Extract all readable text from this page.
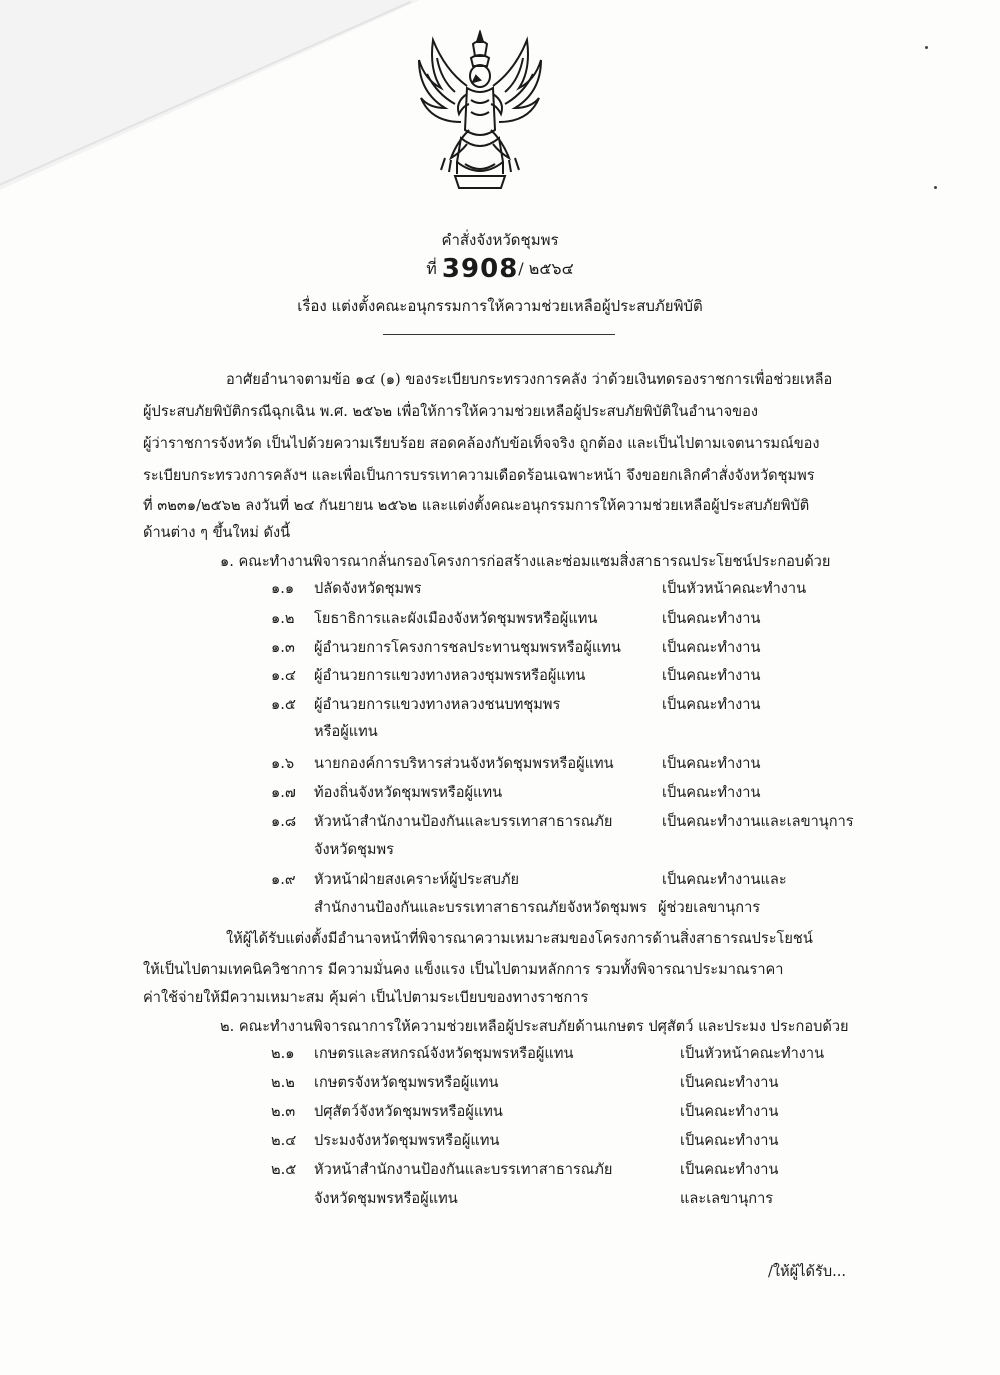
คำสั่งจังหวัดชุมพร
ที่ 3908/ ๒๕๖๔
เรื่อง แต่งตั้งคณะอนุกรรมการให้ความช่วยเหลือผู้ประสบภัยพิบัติ
อาศัยอำนาจตามข้อ ๑๔ (๑) ของระเบียบกระทรวงการคลัง ว่าด้วยเงินทดรองราชการเพื่อช่วยเหลือ
ผู้ประสบภัยพิบัติกรณีฉุกเฉิน พ.ศ. ๒๕๖๒ เพื่อให้การให้ความช่วยเหลือผู้ประสบภัยพิบัติในอำนาจของ
ผู้ว่าราชการจังหวัด เป็นไปด้วยความเรียบร้อย สอดคล้องกับข้อเท็จจริง ถูกต้อง และเป็นไปตามเจตนารมณ์ของ
ระเบียบกระทรวงการคลังฯ และเพื่อเป็นการบรรเทาความเดือดร้อนเฉพาะหน้า จึงขอยกเลิกคำสั่งจังหวัดชุมพร
ที่ ๓๒๓๑/๒๕๖๒ ลงวันที่ ๒๔ กันยายน ๒๕๖๒ และแต่งตั้งคณะอนุกรรมการให้ความช่วยเหลือผู้ประสบภัยพิบัติ
ด้านต่าง ๆ ขึ้นใหม่ ดังนี้
๑. คณะทำงานพิจารณากลั่นกรองโครงการก่อสร้างและซ่อมแซมสิ่งสาธารณประโยชน์ประกอบด้วย
๑.๑ ปลัดจังหวัดชุมพร	เป็นหัวหน้าคณะทำงาน
๑.๒ โยธาธิการและผังเมืองจังหวัดชุมพรหรือผู้แทน	เป็นคณะทำงาน
๑.๓ ผู้อำนวยการโครงการชลประทานชุมพรหรือผู้แทน	เป็นคณะทำงาน
๑.๔ ผู้อำนวยการแขวงทางหลวงชุมพรหรือผู้แทน	เป็นคณะทำงาน
๑.๕ ผู้อำนวยการแขวงทางหลวงชนบทชุมพร	เป็นคณะทำงาน
หรือผู้แทน
๑.๖ นายกองค์การบริหารส่วนจังหวัดชุมพรหรือผู้แทน	เป็นคณะทำงาน
๑.๗ ท้องถิ่นจังหวัดชุมพรหรือผู้แทน	เป็นคณะทำงาน
๑.๘ หัวหน้าสำนักงานป้องกันและบรรเทาสาธารณภัย	เป็นคณะทำงานและเลขานุการ
จังหวัดชุมพร
๑.๙ หัวหน้าฝ่ายสงเคราะห์ผู้ประสบภัย	เป็นคณะทำงานและ
สำนักงานป้องกันและบรรเทาสาธารณภัยจังหวัดชุมพร ผู้ช่วยเลขานุการ
ให้ผู้ได้รับแต่งตั้งมีอำนาจหน้าที่พิจารณาความเหมาะสมของโครงการด้านสิ่งสาธารณประโยชน์
ให้เป็นไปตามเทคนิควิชาการ มีความมั่นคง แข็งแรง เป็นไปตามหลักการ รวมทั้งพิจารณาประมาณราคา
ค่าใช้จ่ายให้มีความเหมาะสม คุ้มค่า เป็นไปตามระเบียบของทางราชการ
๒. คณะทำงานพิจารณาการให้ความช่วยเหลือผู้ประสบภัยด้านเกษตร ปศุสัตว์ และประมง ประกอบด้วย
๒.๑ เกษตรและสหกรณ์จังหวัดชุมพรหรือผู้แทน	เป็นหัวหน้าคณะทำงาน
๒.๒ เกษตรจังหวัดชุมพรหรือผู้แทน	เป็นคณะทำงาน
๒.๓ ปศุสัตว์จังหวัดชุมพรหรือผู้แทน	เป็นคณะทำงาน
๒.๔ ประมงจังหวัดชุมพรหรือผู้แทน	เป็นคณะทำงาน
๒.๕ หัวหน้าสำนักงานป้องกันและบรรเทาสาธารณภัย	เป็นคณะทำงาน
จังหวัดชุมพรหรือผู้แทน	และเลขานุการ
/ให้ผู้ได้รับ...
